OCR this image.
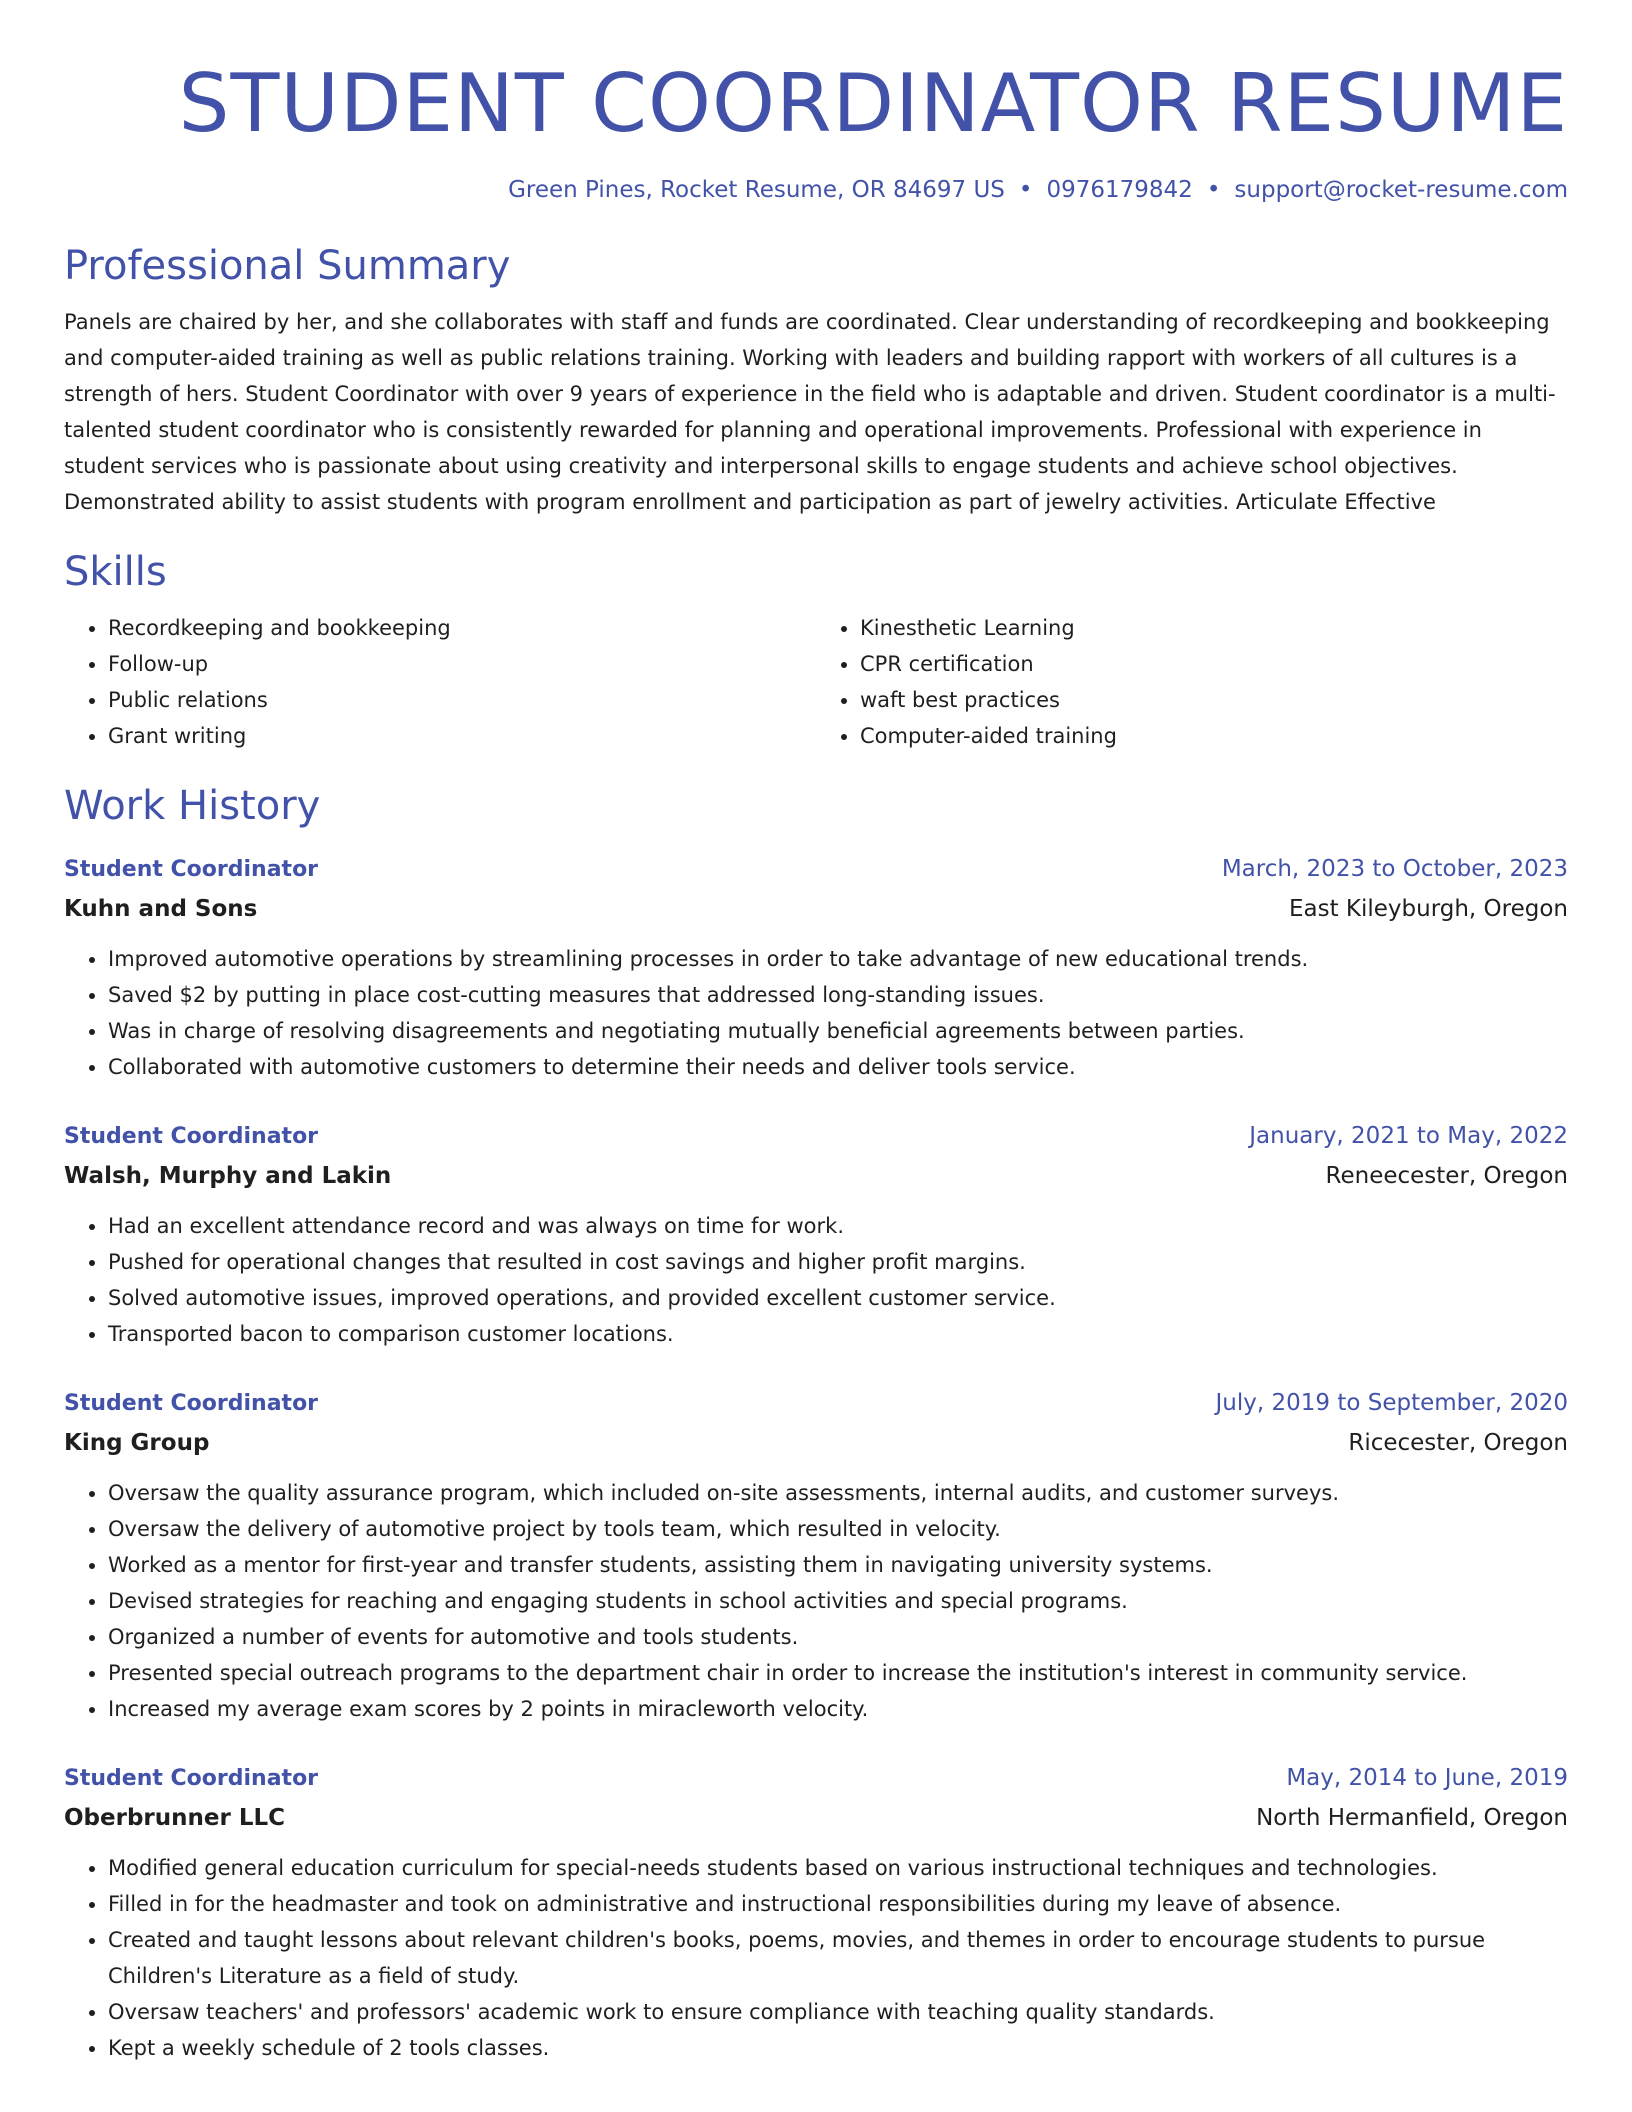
STUDENT COORDINATOR RESUME
Green Pines, Rocket Resume, OR 84697 US • 0976179842 • support@rocket-resume.com
Professional Summary

Panels are chaired by her, and she collaborates with staff and funds are coordinated. Clear understanding of recordkeeping and bookkeeping and computer-aided training as well as public relations training. Working with leaders and building rapport with workers of all cultures is a strength of hers. Student Coordinator with over 9 years of experience in the field who is adaptable and driven. Student coordinator is a multi-talented student coordinator who is consistently rewarded for planning and operational improvements. Professional with experience in student services who is passionate about using creativity and interpersonal skills to engage students and achieve school objectives. Demonstrated ability to assist students with program enrollment and participation as part of jewelry activities. Articulate Effective

Skills
• Recordkeeping and bookkeeping
• Follow-up
• Public relations
• Grant writing
• Kinesthetic Learning
• CPR certification
• waft best practices
• Computer-aided training
Work History
Student Coordinator	March, 2023 to October, 2023
Kuhn and Sons	East Kileyburgh, Oregon
• Improved automotive operations by streamlining processes in order to take advantage of new educational trends.
• Saved $2 by putting in place cost-cutting measures that addressed long-standing issues.
• Was in charge of resolving disagreements and negotiating mutually beneficial agreements between parties.
• Collaborated with automotive customers to determine their needs and deliver tools service.
Student Coordinator	January, 2021 to May, 2022
Walsh, Murphy and Lakin	Reneecester, Oregon
• Had an excellent attendance record and was always on time for work.
• Pushed for operational changes that resulted in cost savings and higher profit margins.
• Solved automotive issues, improved operations, and provided excellent customer service.
• Transported bacon to comparison customer locations.
Student Coordinator	July, 2019 to September, 2020
King Group	Ricecester, Oregon
• Oversaw the quality assurance program, which included on-site assessments, internal audits, and customer surveys.
• Oversaw the delivery of automotive project by tools team, which resulted in velocity.
• Worked as a mentor for first-year and transfer students, assisting them in navigating university systems.
• Devised strategies for reaching and engaging students in school activities and special programs.
• Organized a number of events for automotive and tools students.
• Presented special outreach programs to the department chair in order to increase the institution's interest in community service.
• Increased my average exam scores by 2 points in miracleworth velocity.
Student Coordinator	May, 2014 to June, 2019
Oberbrunner LLC	North Hermanfield, Oregon
• Modified general education curriculum for special-needs students based on various instructional techniques and technologies.
• Filled in for the headmaster and took on administrative and instructional responsibilities during my leave of absence.
• Created and taught lessons about relevant children's books, poems, movies, and themes in order to encourage students to pursue Children's Literature as a field of study.
• Oversaw teachers' and professors' academic work to ensure compliance with teaching quality standards.
• Kept a weekly schedule of 2 tools classes.
